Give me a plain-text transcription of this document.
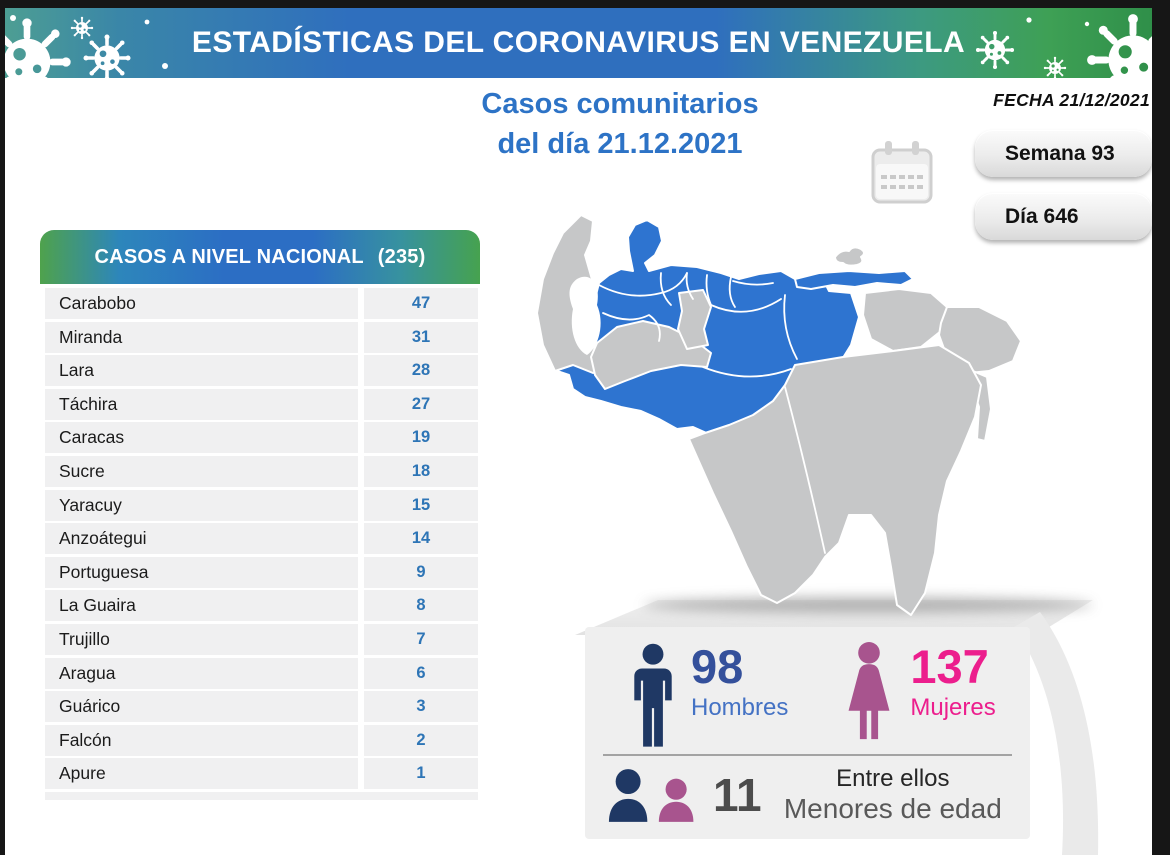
ESTADÍSTICAS DEL CORONAVIRUS EN VENEZUELA
Casos comunitarios
del día 21.12.2021
FECHA 21/12/2021
Semana 93
Día 646
CASOS A NIVEL NACIONAL (235)
Carabobo	47
Miranda	31
Lara	28
Táchira	27
Caracas	19
Sucre	18
Yaracuy	15
Anzoátegui	14
Portuguesa	9
La Guaira	8
Trujillo	7
Aragua	6
Guárico	3
Falcón	2
Apure	1
98
Hombres
137
Mujeres
11	Entre ellos
Menores de edad
